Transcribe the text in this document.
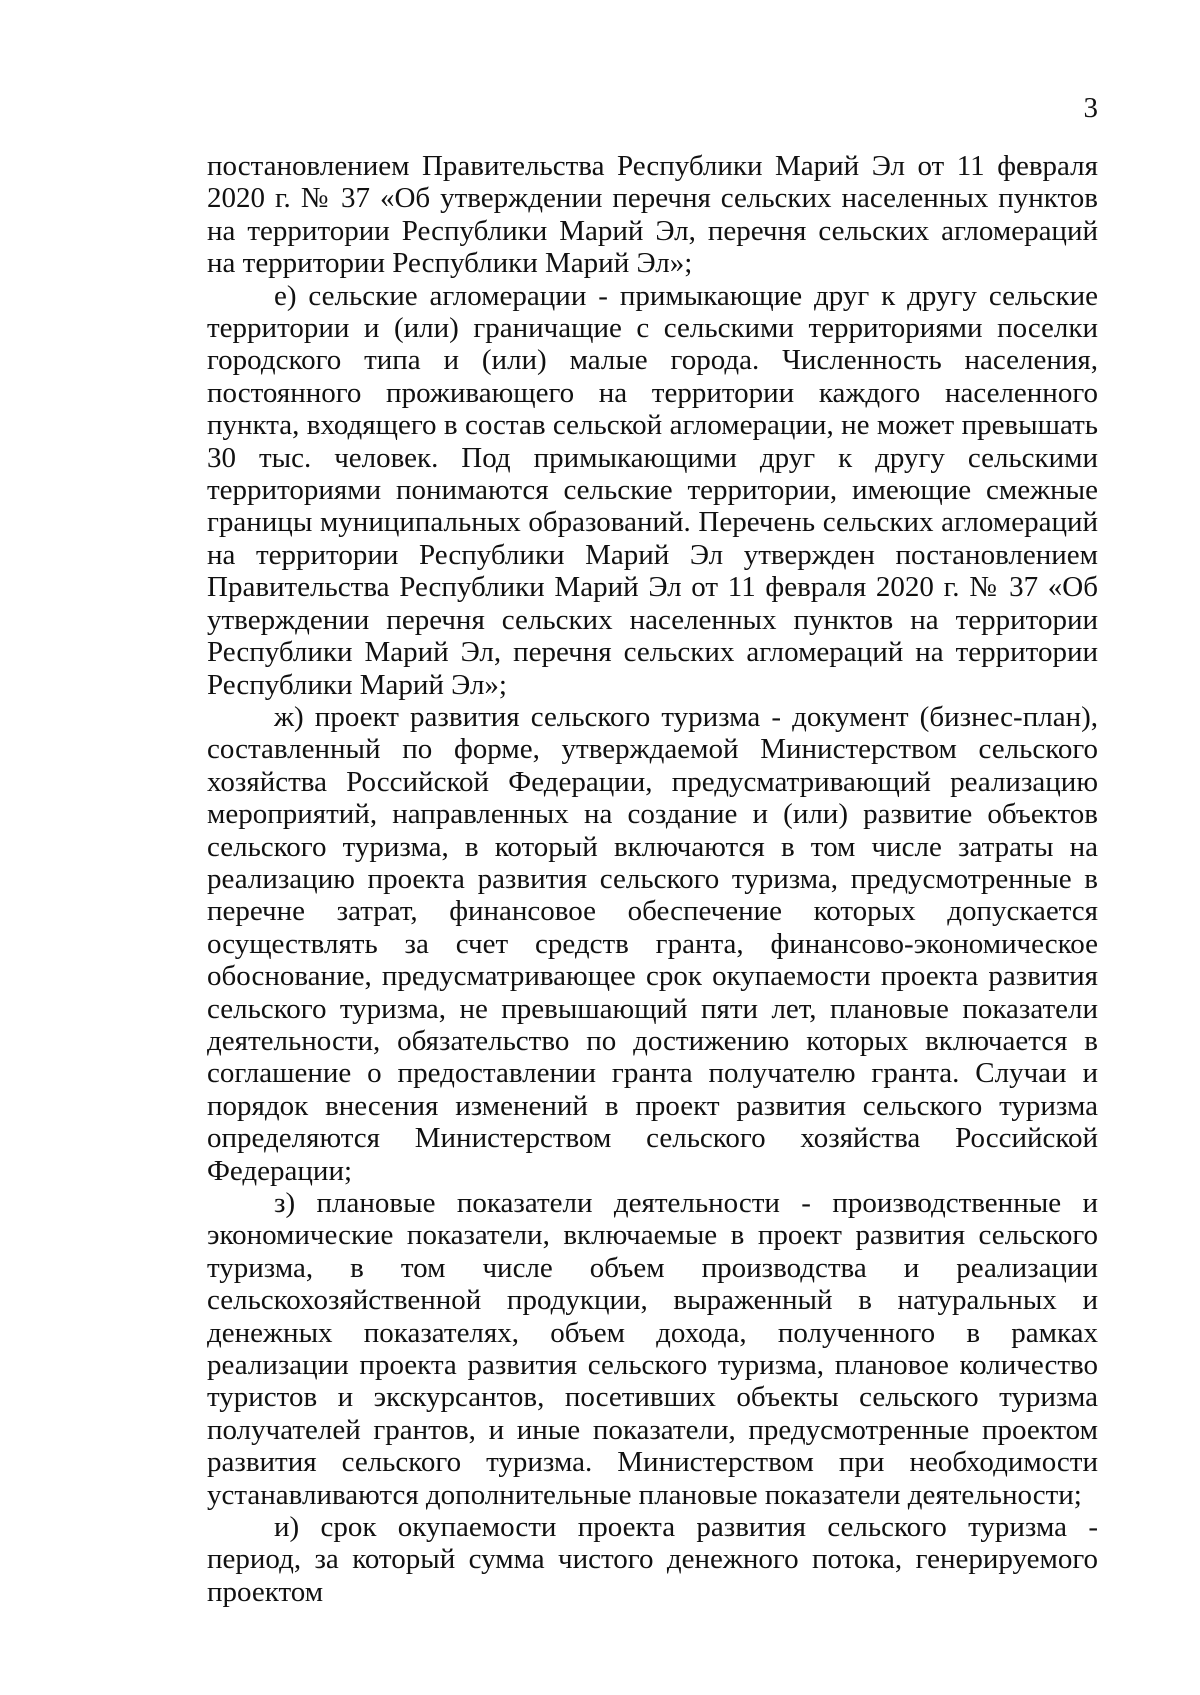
3

постановлением Правительства Республики Марий Эл от 11 февраля 2020 г. № 37 «Об утверждении перечня сельских населенных пунктов на территории Республики Марий Эл, перечня сельских агломераций на территории Республики Марий Эл»;

е) сельские агломерации - примыкающие друг к другу сельские территории и (или) граничащие с сельскими территориями поселки городского типа и (или) малые города. Численность населения, постоянного проживающего на территории каждого населенного пункта, входящего в состав сельской агломерации, не может превышать 30 тыс. человек. Под примыкающими друг к другу сельскими территориями понимаются сельские территории, имеющие смежные границы муниципальных образований. Перечень сельских агломераций на территории Республики Марий Эл утвержден постановлением Правительства Республики Марий Эл от 11 февраля 2020 г. № 37 «Об утверждении перечня сельских населенных пунктов на территории Республики Марий Эл, перечня сельских агломераций на территории Республики Марий Эл»;

ж) проект развития сельского туризма - документ (бизнес-план), составленный по форме, утверждаемой Министерством сельского хозяйства Российской Федерации, предусматривающий реализацию мероприятий, направленных на создание и (или) развитие объектов сельского туризма, в который включаются в том числе затраты на реализацию проекта развития сельского туризма, предусмотренные в перечне затрат, финансовое обеспечение которых допускается осуществлять за счет средств гранта, финансово-экономическое обоснование, предусматривающее срок окупаемости проекта развития сельского туризма, не превышающий пяти лет, плановые показатели деятельности, обязательство по достижению которых включается в соглашение о предоставлении гранта получателю гранта. Случаи и порядок внесения изменений в проект развития сельского туризма определяются Министерством сельского хозяйства Российской Федерации;

з) плановые показатели деятельности - производственные и экономические показатели, включаемые в проект развития сельского туризма, в том числе объем производства и реализации сельскохозяйственной продукции, выраженный в натуральных и денежных показателях, объем дохода, полученного в рамках реализации проекта развития сельского туризма, плановое количество туристов и экскурсантов, посетивших объекты сельского туризма получателей грантов, и иные показатели, предусмотренные проектом развития сельского туризма. Министерством при необходимости устанавливаются дополнительные плановые показатели деятельности;

и) срок окупаемости проекта развития сельского туризма - период, за который сумма чистого денежного потока, генерируемого проектом
